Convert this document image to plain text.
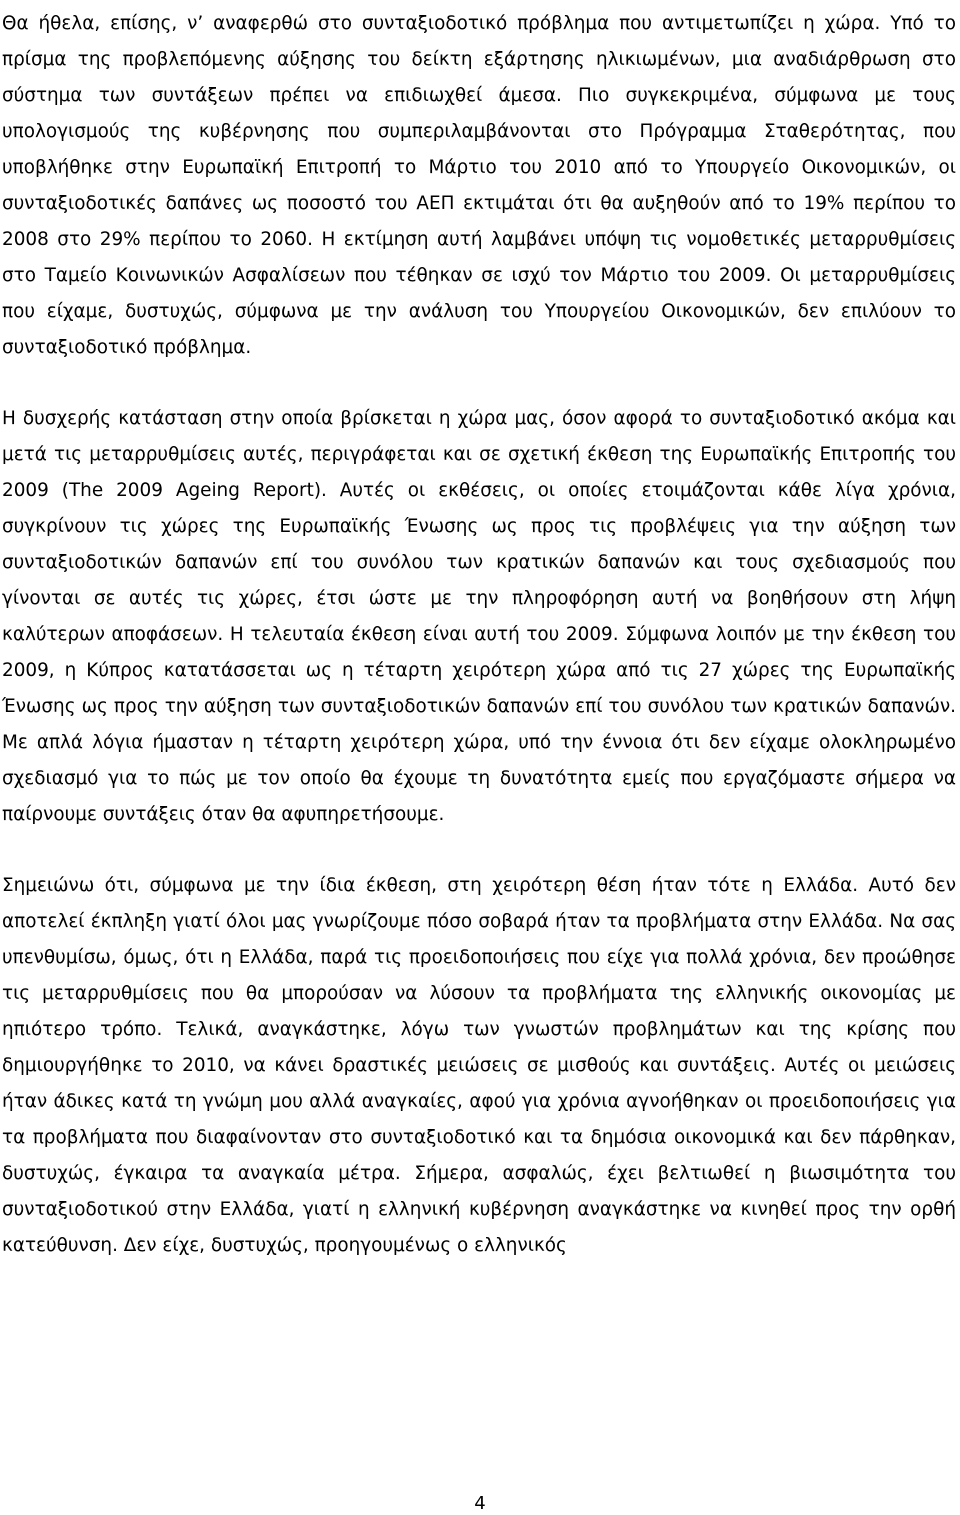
Θα ήθελα, επίσης, ν’ αναφερθώ στο συνταξιοδοτικό πρόβλημα που αντιμετωπίζει η χώρα. Υπό το πρίσμα της προβλεπόμενης αύξησης του δείκτη εξάρτησης ηλικιωμένων, μια αναδιάρθρωση στο σύστημα των συντάξεων πρέπει να επιδιωχθεί άμεσα. Πιο συγκεκριμένα, σύμφωνα με τους υπολογισμούς της κυβέρνησης που συμπεριλαμβάνονται στο Πρόγραμμα Σταθερότητας, που υποβλήθηκε στην Ευρωπαϊκή Επιτροπή το Μάρτιο του 2010 από το Υπουργείο Οικονομικών, οι συνταξιοδοτικές δαπάνες ως ποσοστό του ΑΕΠ εκτιμάται ότι θα αυξηθούν από το 19% περίπου το 2008 στο 29% περίπου το 2060. Η εκτίμηση αυτή λαμβάνει υπόψη τις νομοθετικές μεταρρυθμίσεις στο Ταμείο Κοινωνικών Ασφαλίσεων που τέθηκαν σε ισχύ τον Μάρτιο του 2009. Οι μεταρρυθμίσεις που είχαμε, δυστυχώς, σύμφωνα με την ανάλυση του Υπουργείου Οικονομικών, δεν επιλύουν το συνταξιοδοτικό πρόβλημα.

Η δυσχερής κατάσταση στην οποία βρίσκεται η χώρα μας, όσον αφορά το συνταξιοδοτικό ακόμα και μετά τις μεταρρυθμίσεις αυτές, περιγράφεται και σε σχετική έκθεση της Ευρωπαϊκής Επιτροπής του 2009 (The 2009 Ageing Report). Αυτές οι εκθέσεις, οι οποίες ετοιμάζονται κάθε λίγα χρόνια, συγκρίνουν τις χώρες της Ευρωπαϊκής Ένωσης ως προς τις προβλέψεις για την αύξηση των συνταξιοδοτικών δαπανών επί του συνόλου των κρατικών δαπανών και τους σχεδιασμούς που γίνονται σε αυτές τις χώρες, έτσι ώστε με την πληροφόρηση αυτή να βοηθήσουν στη λήψη καλύτερων αποφάσεων. Η τελευταία έκθεση είναι αυτή του 2009. Σύμφωνα λοιπόν με την έκθεση του 2009, η Κύπρος κατατάσσεται ως η τέταρτη χειρότερη χώρα από τις 27 χώρες της Ευρωπαϊκής Ένωσης ως προς την αύξηση των συνταξιοδοτικών δαπανών επί του συνόλου των κρατικών δαπανών. Με απλά λόγια ήμασταν η τέταρτη χειρότερη χώρα, υπό την έννοια ότι δεν είχαμε ολοκληρωμένο σχεδιασμό για το πώς με τον οποίο θα έχουμε τη δυνατότητα εμείς που εργαζόμαστε σήμερα να παίρνουμε συντάξεις όταν θα αφυπηρετήσουμε.

Σημειώνω ότι, σύμφωνα με την ίδια έκθεση, στη χειρότερη θέση ήταν τότε η Ελλάδα. Αυτό δεν αποτελεί έκπληξη γιατί όλοι μας γνωρίζουμε πόσο σοβαρά ήταν τα προβλήματα στην Ελλάδα. Να σας υπενθυμίσω, όμως, ότι η Ελλάδα, παρά τις προειδοποιήσεις που είχε για πολλά χρόνια, δεν προώθησε τις μεταρρυθμίσεις που θα μπορούσαν να λύσουν τα προβλήματα της ελληνικής οικονομίας με ηπιότερο τρόπο. Τελικά, αναγκάστηκε, λόγω των γνωστών προβλημάτων και της κρίσης που δημιουργήθηκε το 2010, να κάνει δραστικές μειώσεις σε μισθούς και συντάξεις. Αυτές οι μειώσεις ήταν άδικες κατά τη γνώμη μου αλλά αναγκαίες, αφού για χρόνια αγνοήθηκαν οι προειδοποιήσεις για τα προβλήματα που διαφαίνονταν στο συνταξιοδοτικό και τα δημόσια οικονομικά και δεν πάρθηκαν, δυστυχώς, έγκαιρα τα αναγκαία μέτρα. Σήμερα, ασφαλώς, έχει βελτιωθεί η βιωσιμότητα του συνταξιοδοτικού στην Ελλάδα, γιατί η ελληνική κυβέρνηση αναγκάστηκε να κινηθεί προς την ορθή κατεύθυνση. Δεν είχε, δυστυχώς, προηγουμένως ο ελληνικός

4
